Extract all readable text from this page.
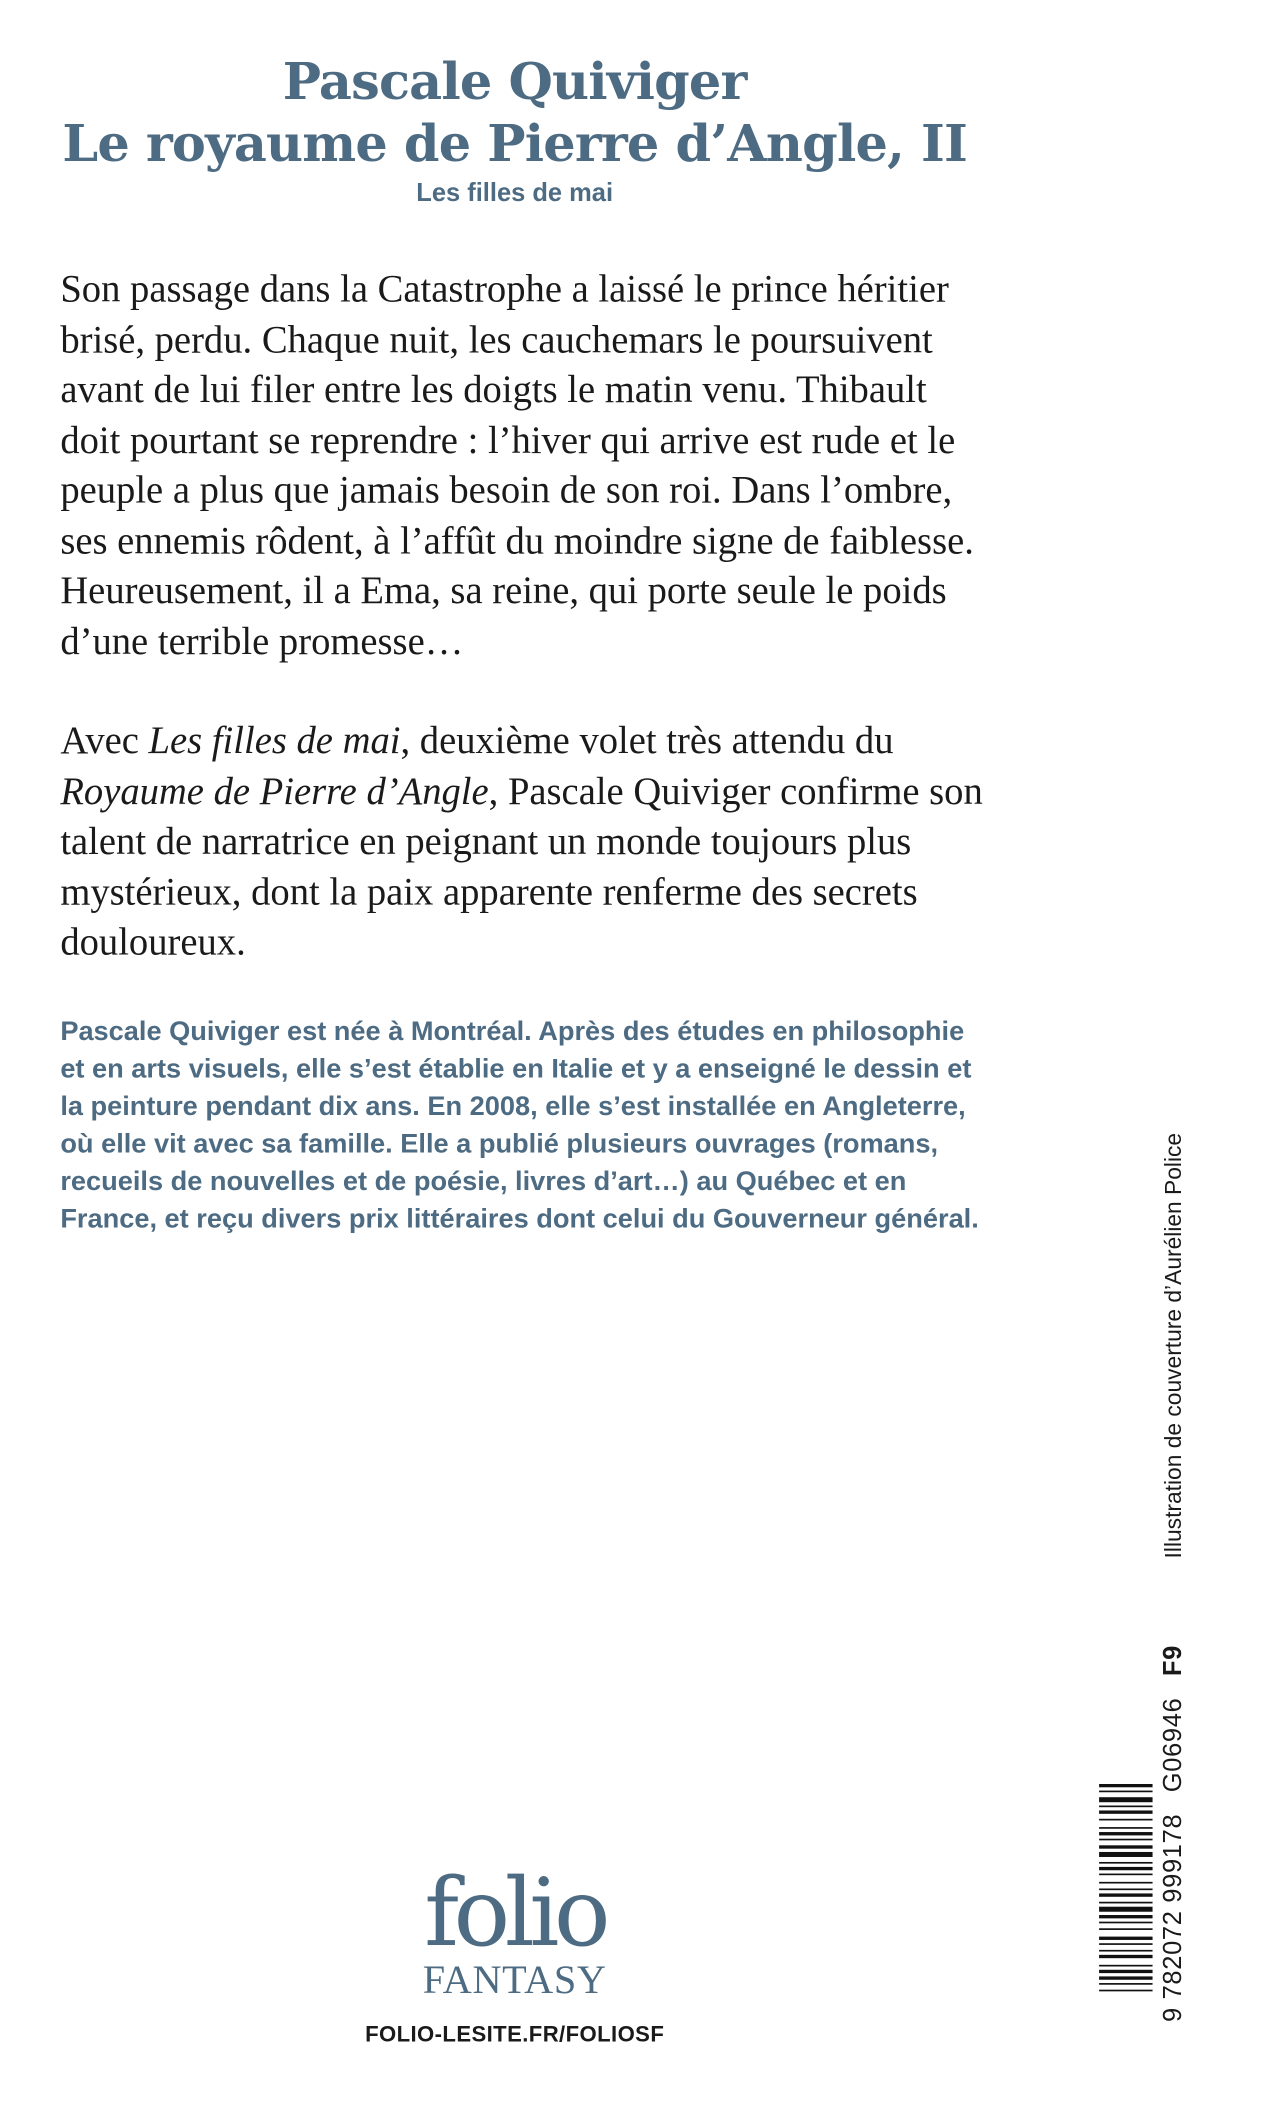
Pascale Quiviger
Le royaume de Pierre d’Angle, II
Les filles de mai

Son passage dans la Catastrophe a laissé le prince héritier brisé, perdu. Chaque nuit, les cauchemars le poursuivent avant de lui filer entre les doigts le matin venu. Thibault doit pourtant se reprendre : l’hiver qui arrive est rude et le peuple a plus que jamais besoin de son roi. Dans l’ombre, ses ennemis rôdent, à l’affût du moindre signe de faiblesse. Heureusement, il a Ema, sa reine, qui porte seule le poids d’une terrible promesse…

Avec Les filles de mai, deuxième volet très attendu du Royaume de Pierre d’Angle, Pascale Quiviger confirme son talent de narratrice en peignant un monde toujours plus mystérieux, dont la paix apparente renferme des secrets douloureux.

Pascale Quiviger est née à Montréal. Après des études en philosophie et en arts visuels, elle s’est établie en Italie et y a enseigné le dessin et la peinture pendant dix ans. En 2008, elle s’est installée en Angleterre, où elle vit avec sa famille. Elle a publié plusieurs ouvrages (romans, recueils de nouvelles et de poésie, livres d’art…) au Québec et en France, et reçu divers prix littéraires dont celui du Gouverneur général.	Illustration de couverture d’Aurélien Police
9 782072 999178G06946F9
folio
FANTASY
FOLIO-LESITE.FR/FOLIOSF
